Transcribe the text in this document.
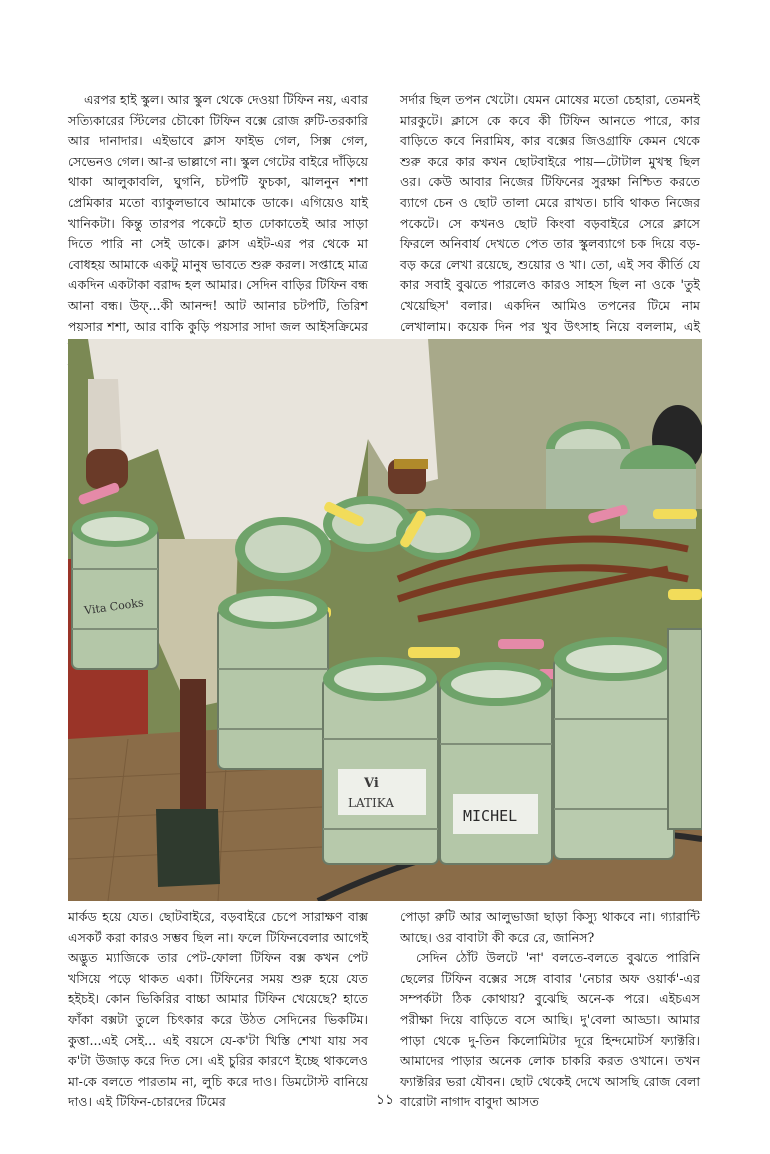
এরপর হাই স্কুল। আর স্কুল থেকে দেওয়া টিফিন নয়, এবার সত্যিকারের স্টিলের চৌকো টিফিন বক্সে রোজ রুটি-তরকারি আর দানাদার। এইভাবে ক্লাস ফাইভ গেল, সিক্স গেল, সেভেনও গেল। আ-র ভাল্লাগে না। স্কুল গেটের বাইরে দাঁড়িয়ে থাকা আলুকাবলি, ঘুগনি, চটপটি ফুচকা, ঝালনুন শশা প্রেমিকার মতো ব্যাকুলভাবে আমাকে ডাকে। এগিয়েও যাই খানিকটা। কিন্তু তারপর পকেটে হাত ঢোকাতেই আর সাড়া দিতে পারি না সেই ডাকে। ক্লাস এইট-এর পর থেকে মা বোধহয় আমাকে একটু মানুষ ভাবতে শুরু করল। সপ্তাহে মাত্র একদিন একটাকা বরাদ্দ হল আমার। সেদিন বাড়ির টিফিন বন্ধ আনা বন্ধ। উফ্‌...কী আনন্দ! আট আনার চটপটি, তিরিশ পয়সার শশা, আর বাকি কুড়ি পয়সার সাদা জল আইসক্রিমের

সর্দার ছিল তপন খেটো। যেমন মোষের মতো চেহারা, তেমনই মারকুটে। ক্লাসে কে কবে কী টিফিন আনতে পারে, কার বাড়িতে কবে নিরামিষ, কার বক্সের জিওগ্রাফি কেমন থেকে শুরু করে কার কখন ছোটবাইরে পায়—টোটাল মুখস্থ ছিল ওর। কেউ আবার নিজের টিফিনের সুরক্ষা নিশ্চিত করতে ব্যাগে চেন ও ছোট তালা মেরে রাখত। চাবি থাকত নিজের পকেটে। সে কখনও ছোট কিংবা বড়বাইরে সেরে ক্লাসে ফিরলে অনিবার্য দেখতে পেত তার স্কুলব্যাগে চক দিয়ে বড়-বড় করে লেখা রয়েছে, শুয়োর ও খা। তো, এই সব কীর্তি যে কার সবাই বুঝতে পারলেও কারও সাহস ছিল না ওকে 'তুই খেয়েছিস' বলার। একদিন আমিও তপনের টিমে নাম লেখালাম। কয়েক দিন পর খুব উৎসাহ নিয়ে বললাম, এই

Vita Cooks
Vi
LATIKA
MICHEL

মার্কড হয়ে যেত। ছোটবাইরে, বড়বাইরে চেপে সারাক্ষণ বাক্স এসকর্ট করা কারও সম্ভব ছিল না। ফলে টিফিনবেলার আগেই অদ্ভুত ম্যাজিকে তার পেট-ফোলা টিফিন বক্স কখন পেট খসিয়ে পড়ে থাকত একা। টিফিনের সময় শুরু হয়ে যেত হইচই। কোন ভিকিরির বাচ্চা আমার টিফিন খেয়েছে? হাতে ফাঁকা বক্সটা তুলে চিৎকার করে উঠত সেদিনের ভিকটিম। কুত্তা...এই সেই... এই বয়সে যে-ক'টা খিস্তি শেখা যায় সব ক'টা উজাড় করে দিত সে। এই চুরির কারণে ইচ্ছে থাকলেও মা-কে বলতে পারতাম না, লুচি করে দাও। ডিমটোস্ট বানিয়ে দাও। এই টিফিন-চোরদের টিমের

পোড়া রুটি আর আলুভাজা ছাড়া কিস্যু থাকবে না। গ্যারান্টি আছে। ওর বাবাটা কী করে রে, জানিস?

সেদিন ঠোঁট উলটে 'না' বলতে-বলতে বুঝতে পারিনি ছেলের টিফিন বক্সের সঙ্গে বাবার 'নেচার অফ ওয়ার্ক'-এর সম্পর্কটা ঠিক কোথায়? বুঝেছি অনে-ক পরে। এইচএস পরীক্ষা দিয়ে বাড়িতে বসে আছি। দু'বেলা আড্ডা। আমার পাড়া থেকে দু-তিন কিলোমিটার দূরে হিন্দমোটর্স ফ্যাক্টরি। আমাদের পাড়ার অনেক লোক চাকরি করত ওখানে। তখন ফ্যাক্টরির ভরা যৌবন। ছোট থেকেই দেখে আসছি রোজ বেলা বারোটা নাগাদ বাবুদা আসত

১১
